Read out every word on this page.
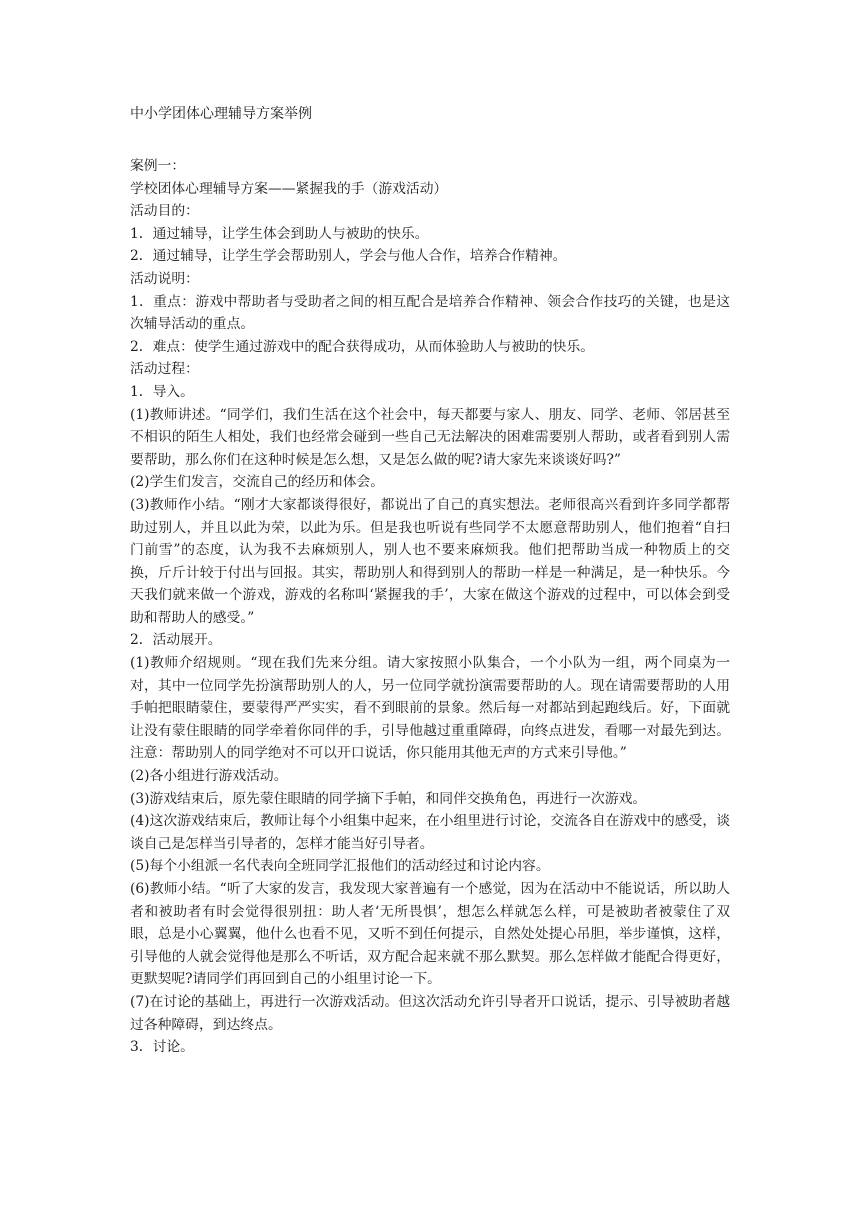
中小学团体心理辅导方案举例

案例一：

学校团体心理辅导方案——紧握我的手（游戏活动）

活动目的：

1．通过辅导，让学生体会到助人与被助的快乐。

2．通过辅导，让学生学会帮助别人，学会与他人合作，培养合作精神。

活动说明：

1．重点：游戏中帮助者与受助者之间的相互配合是培养合作精神、领会合作技巧的关键，也是这次辅导活动的重点。

2．难点：使学生通过游戏中的配合获得成功，从而体验助人与被助的快乐。

活动过程：

1．导入。

(1)教师讲述。“同学们，我们生活在这个社会中，每天都要与家人、朋友、同学、老师、邻居甚至不相识的陌生人相处，我们也经常会碰到一些自己无法解决的困难需要别人帮助，或者看到别人需要帮助，那么你们在这种时候是怎么想，又是怎么做的呢?请大家先来谈谈好吗?”

(2)学生们发言，交流自己的经历和体会。

(3)教师作小结。“刚才大家都谈得很好，都说出了自己的真实想法。老师很高兴看到许多同学都帮助过别人，并且以此为荣，以此为乐。但是我也听说有些同学不太愿意帮助别人，他们抱着“自扫门前雪”的态度，认为我不去麻烦别人，别人也不要来麻烦我。他们把帮助当成一种物质上的交换，斤斤计较于付出与回报。其实，帮助别人和得到别人的帮助一样是一种满足，是一种快乐。今天我们就来做一个游戏，游戏的名称叫‘紧握我的手’，大家在做这个游戏的过程中，可以体会到受助和帮助人的感受。”

2．活动展开。

(1)教师介绍规则。“现在我们先来分组。请大家按照小队集合，一个小队为一组，两个同桌为一对，其中一位同学先扮演帮助别人的人，另一位同学就扮演需要帮助的人。现在请需要帮助的人用手帕把眼睛蒙住，要蒙得严严实实，看不到眼前的景象。然后每一对都站到起跑线后。好，下面就让没有蒙住眼睛的同学牵着你同伴的手，引导他越过重重障碍，向终点进发，看哪一对最先到达。注意：帮助别人的同学绝对不可以开口说话，你只能用其他无声的方式来引导他。”

(2)各小组进行游戏活动。

(3)游戏结束后，原先蒙住眼睛的同学摘下手帕，和同伴交换角色，再进行一次游戏。

(4)这次游戏结束后，教师让每个小组集中起来，在小组里进行讨论，交流各自在游戏中的感受，谈谈自己是怎样当引导者的，怎样才能当好引导者。

(5)每个小组派一名代表向全班同学汇报他们的活动经过和讨论内容。

(6)教师小结。“听了大家的发言，我发现大家普遍有一个感觉，因为在活动中不能说话，所以助人者和被助者有时会觉得很别扭：助人者‘无所畏惧’，想怎么样就怎么样，可是被助者被蒙住了双眼，总是小心翼翼，他什么也看不见，又听不到任何提示，自然处处提心吊胆，举步谨慎，这样，引导他的人就会觉得他是那么不听话，双方配合起来就不那么默契。那么怎样做才能配合得更好，更默契呢?请同学们再回到自己的小组里讨论一下。

(7)在讨论的基础上，再进行一次游戏活动。但这次活动允许引导者开口说话，提示、引导被助者越过各种障碍，到达终点。

3．讨论。
